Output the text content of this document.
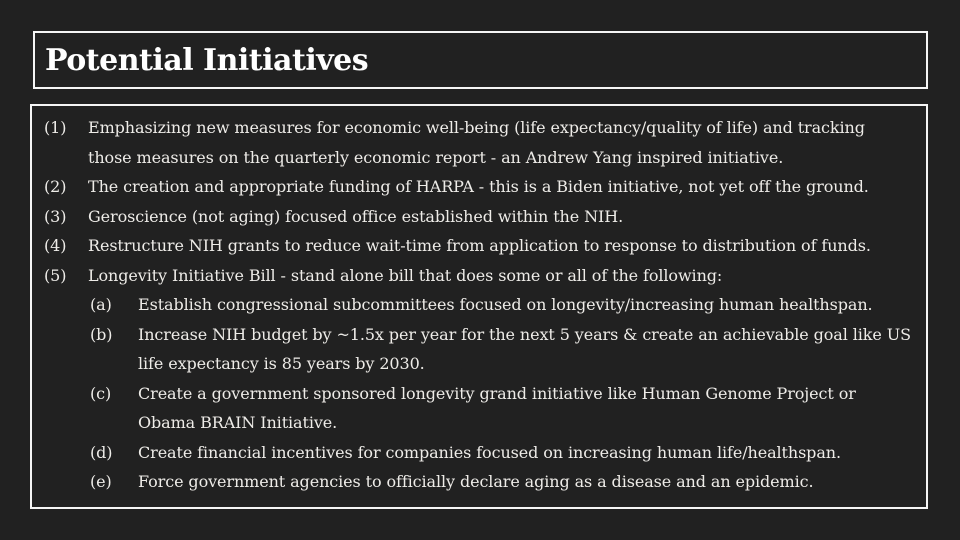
Potential Initiatives
(1)	Emphasizing new measures for economic well-being (life expectancy/quality of life) and tracking
those measures on the quarterly economic report - an Andrew Yang inspired initiative.
(2)	The creation and appropriate funding of HARPA - this is a Biden initiative, not yet off the ground.
(3)	Geroscience (not aging) focused office established within the NIH.
(4)	Restructure NIH grants to reduce wait-time from application to response to distribution of funds.
(5)	Longevity Initiative Bill - stand alone bill that does some or all of the following:
(a)	Establish congressional subcommittees focused on longevity/increasing human healthspan.
(b)	Increase NIH budget by ~1.5x per year for the next 5 years & create an achievable goal like US
life expectancy is 85 years by 2030.
(c)	Create a government sponsored longevity grand initiative like Human Genome Project or
Obama BRAIN Initiative.
(d)	Create financial incentives for companies focused on increasing human life/healthspan.
(e)	Force government agencies to officially declare aging as a disease and an epidemic.
